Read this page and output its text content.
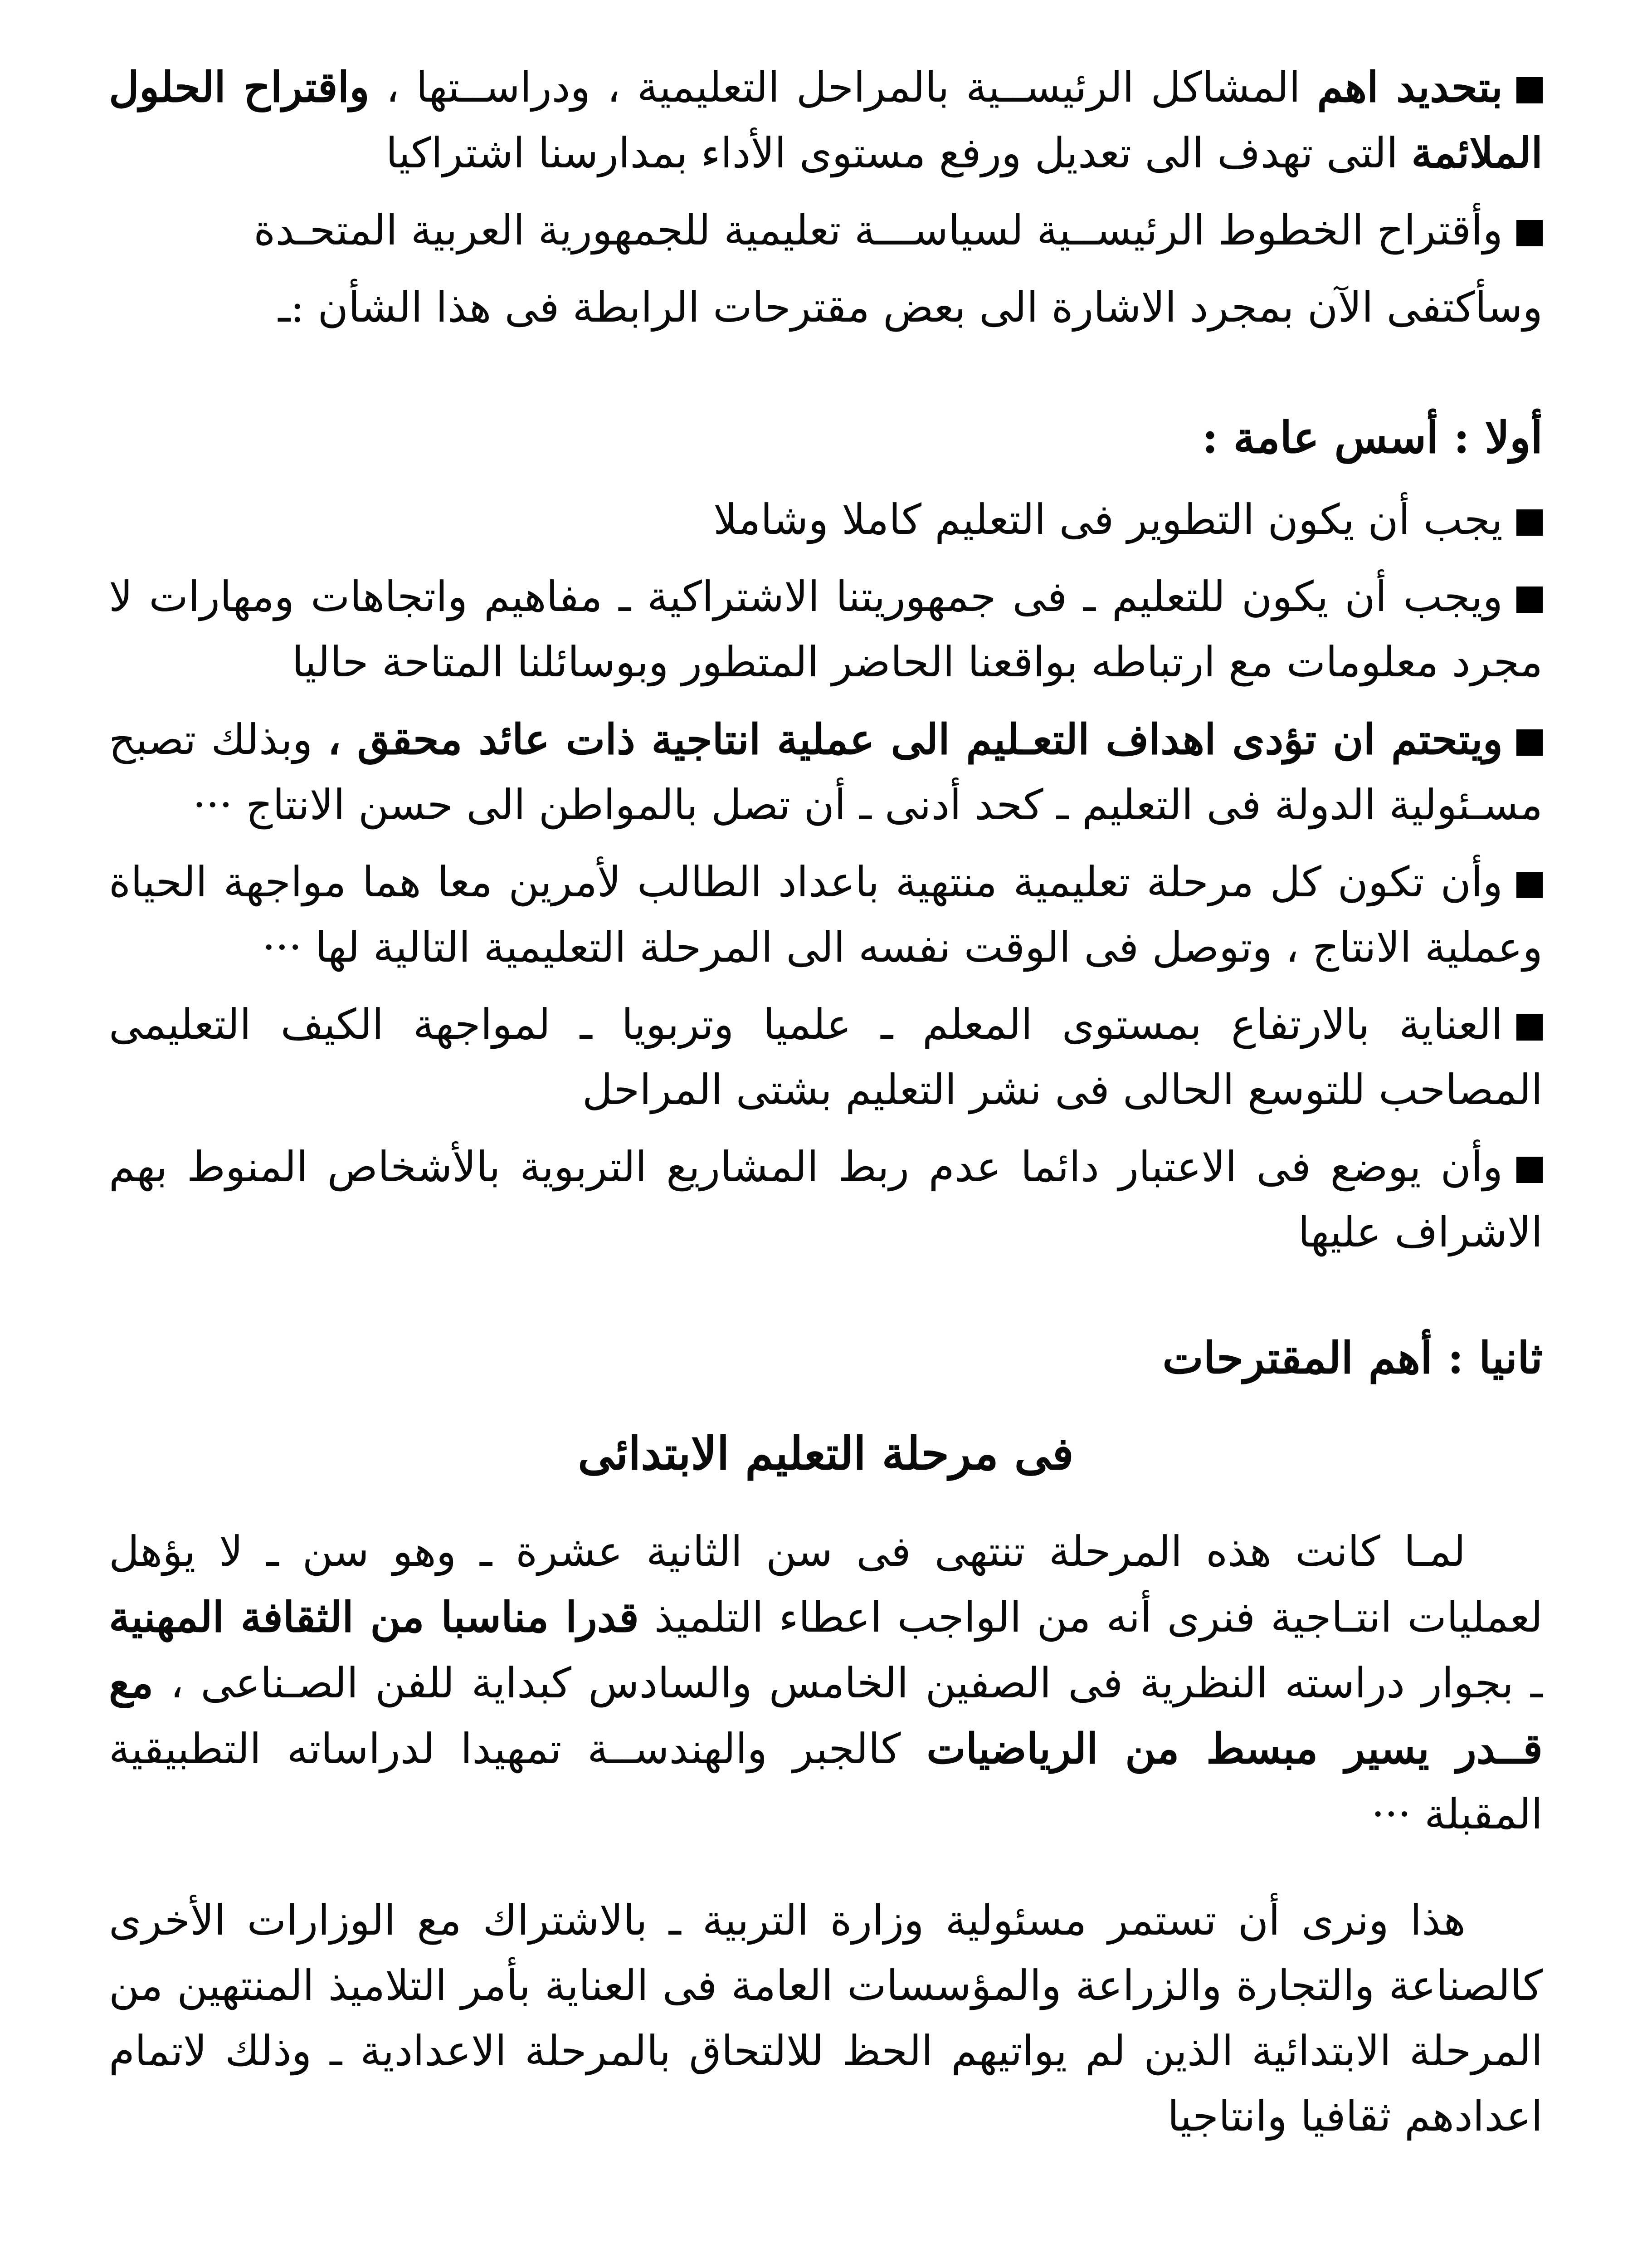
بتحديد اهم المشاكل الرئيســية بالمراحل التعليمية ، ودراســتها ، واقتراح الحلول الملائمة التى تهدف الى تعديل ورفع مستوى الأداء بمدارسنا اشتراكيا

وأقتراح الخطوط الرئيســية لسياســـة تعليمية للجمهورية العربية المتحـدة

وسأكتفى الآن بمجرد الاشارة الى بعض مقترحات الرابطة فى هذا الشأن :ـ

أولا : أسس عامة :

يجب أن يكون التطوير فى التعليم كاملا وشاملا

ويجب أن يكون للتعليم ـ فى جمهوريتنا الاشتراكية ـ مفاهيم واتجاهات ومهارات لا مجرد معلومات مع ارتباطه بواقعنا الحاضر المتطور وبوسائلنا المتاحة حاليا

ويتحتم ان تؤدى اهداف التعـليم الى عملية انتاجية ذات عائد محقق ، وبذلك تصبح مسـئولية الدولة فى التعليم ـ كحد أدنى ـ أن تصل بالمواطن الى حسن الانتاج ···

وأن تكون كل مرحلة تعليمية منتهية باعداد الطالب لأمرين معا هما مواجهة الحياة وعملية الانتاج ، وتوصل فى الوقت نفسه الى المرحلة التعليمية التالية لها ···

العناية بالارتفاع بمستوى المعلم ـ علميا وتربويا ـ لمواجهة الكيف التعليمى المصاحب للتوسع الحالى فى نشر التعليم بشتى المراحل

وأن يوضع فى الاعتبار دائما عدم ربط المشاريع التربوية بالأشخاص المنوط بهم الاشراف عليها

ثانيا : أهم المقترحات
فى مرحلة التعليم الابتدائى

لمـا كانت هذه المرحلة تنتهى فى سن الثانية عشرة ـ وهو سن ـ لا يؤهل لعمليات انتـاجية فنرى أنه من الواجب اعطاء التلميذ قدرا مناسبا من الثقافة المهنية ـ بجوار دراسته النظرية فى الصفين الخامس والسادس كبداية للفن الصـناعى ، مع قــدر يسير مبسط من الرياضيات كالجبر والهندســة تمهيدا لدراساته التطبيقية المقبلة ···

هذا ونرى أن تستمر مسئولية وزارة التربية ـ بالاشتراك مع الوزارات الأخرى كالصناعة والتجارة والزراعة والمؤسسات العامة فى العناية بأمر التلاميذ المنتهين من المرحلة الابتدائية الذين لم يواتيهم الحظ للالتحاق بالمرحلة الاعدادية ـ وذلك لاتمام اعدادهم ثقافيا وانتاجيا
